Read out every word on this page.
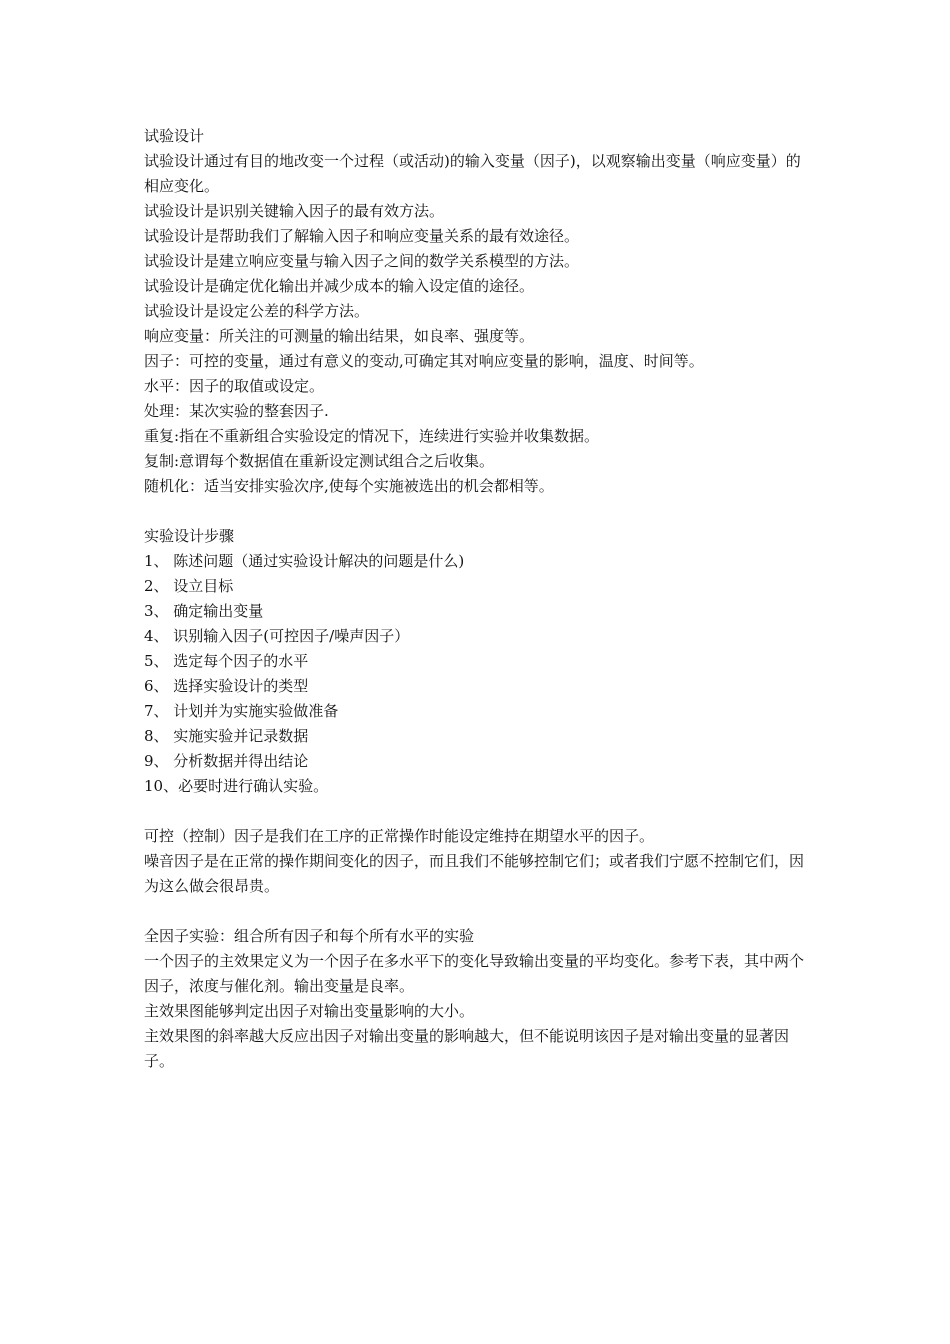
试验设计
试验设计通过有目的地改变一个过程（或活动)的输入变量（因子)，以观察输出变量（响应变量）的相应变化。
试验设计是识别关键输入因子的最有效方法。
试验设计是帮助我们了解输入因子和响应变量关系的最有效途径。
试验设计是建立响应变量与输入因子之间的数学关系模型的方法。
试验设计是确定优化输出并减少成本的输入设定值的途径。
试验设计是设定公差的科学方法。
响应变量：所关注的可测量的输出结果，如良率、强度等。
因子：可控的变量，通过有意义的变动,可确定其对响应变量的影响，温度、时间等。
水平：因子的取值或设定。
处理：某次实验的整套因子.
重复:指在不重新组合实验设定的情况下，连续进行实验并收集数据。
复制:意谓每个数据值在重新设定测试组合之后收集。
随机化：适当安排实验次序,使每个实施被选出的机会都相等。
实验设计步骤
1、 陈述问题（通过实验设计解决的问题是什么)
2、 设立目标
3、 确定输出变量
4、 识别输入因子(可控因子/噪声因子）
5、 选定每个因子的水平
6、 选择实验设计的类型
7、 计划并为实施实验做准备
8、 实施实验并记录数据
9、 分析数据并得出结论
10、必要时进行确认实验。
可控（控制）因子是我们在工序的正常操作时能设定维持在期望水平的因子。
噪音因子是在正常的操作期间变化的因子，而且我们不能够控制它们；或者我们宁愿不控制它们，因为这么做会很昂贵。
全因子实验：组合所有因子和每个所有水平的实验
一个因子的主效果定义为一个因子在多水平下的变化导致输出变量的平均变化。参考下表，其中两个因子，浓度与催化剂。输出变量是良率。
主效果图能够判定出因子对输出变量影响的大小。
主效果图的斜率越大反应出因子对输出变量的影响越大，但不能说明该因子是对输出变量的显著因子。
